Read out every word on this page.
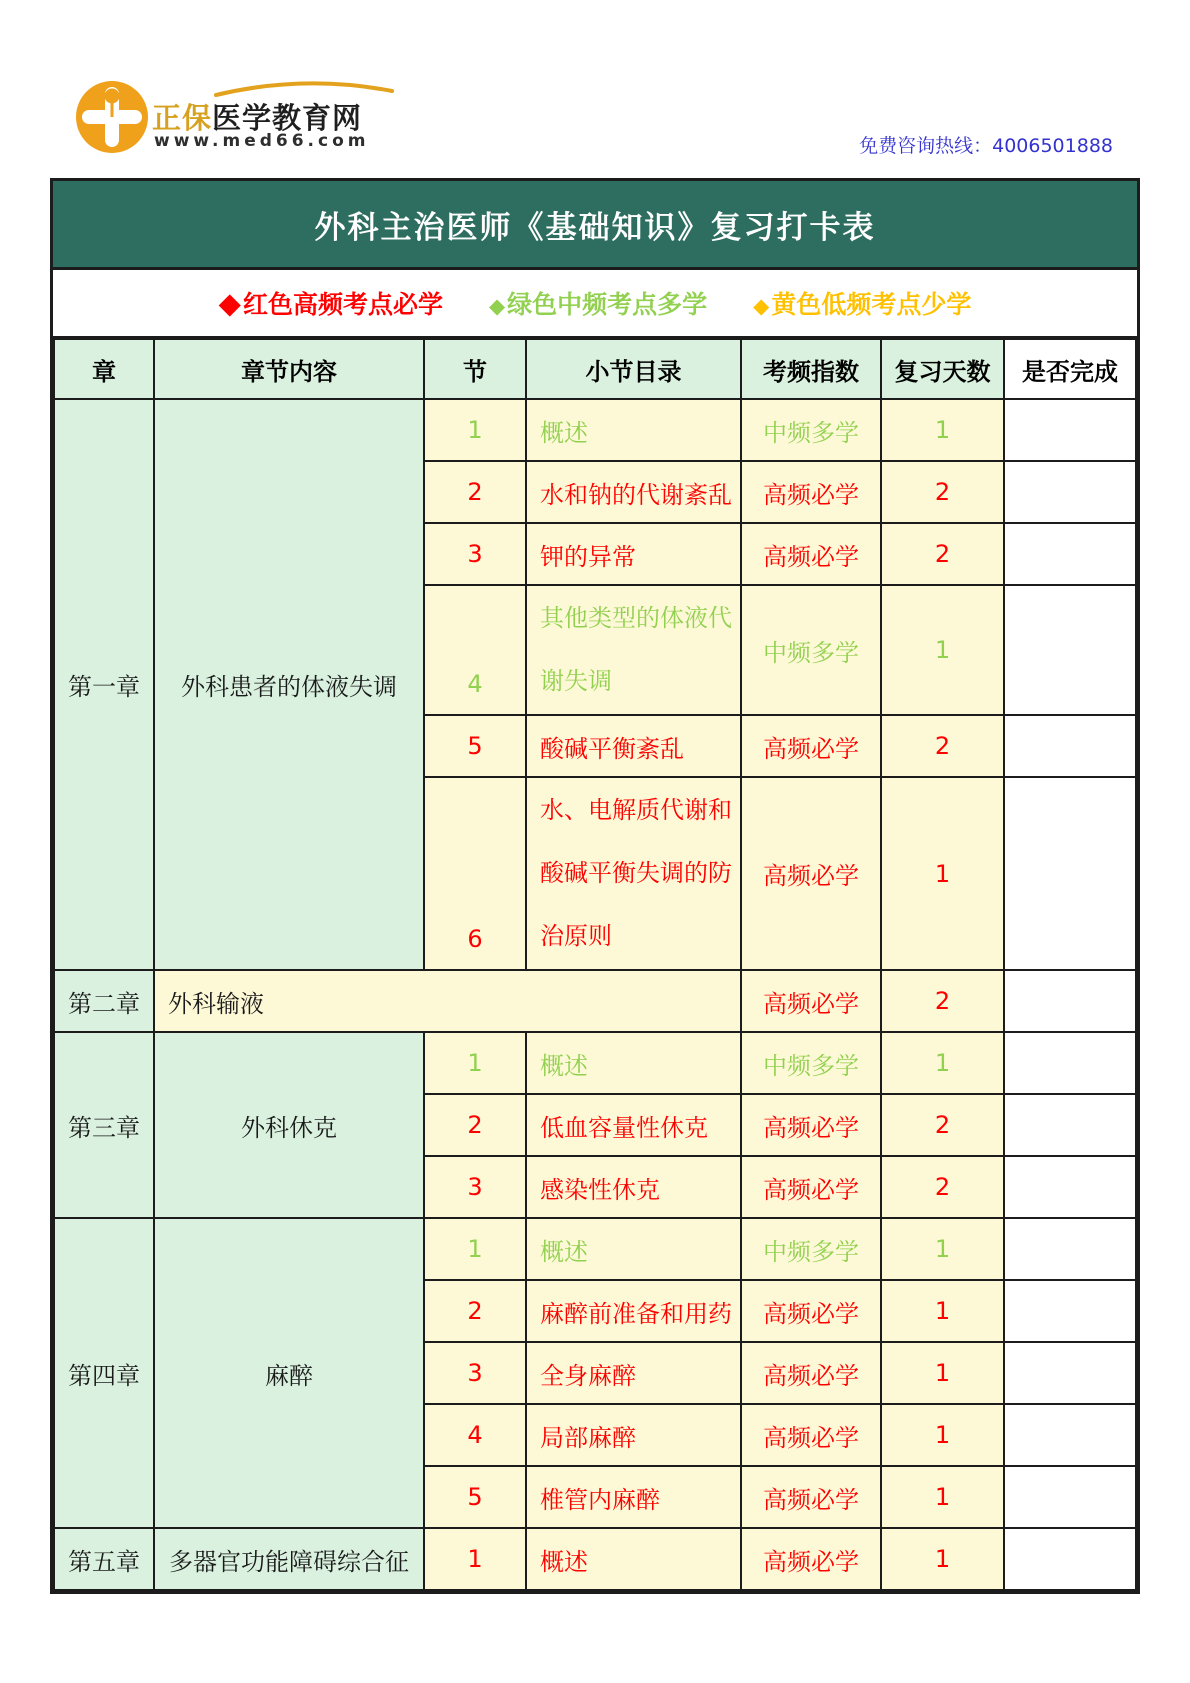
正保医学教育网
www.med66.com	免费咨询热线：4006501888
外科主治医师《基础知识》复习打卡表
◆红色高频考点必学 ◆绿色中频考点多学 ◆黄色低频考点少学
章	章节内容	节	小节目录	考频指数	复习天数	是否完成
第一章	外科患者的体液失调	1	概述	中频多学	1	
		2	水和钠的代谢紊乱	高频必学	2	
		3	钾的异常	高频必学	2	
		4	其他类型的体液代
谢失调	中频多学	1	
		5	酸碱平衡紊乱	高频必学	2	
		6	水、电解质代谢和
酸碱平衡失调的防
治原则	高频必学	1	
第二章	外科输液			高频必学	2	
第三章	外科休克	1	概述	中频多学	1	
		2	低血容量性休克	高频必学	2	
		3	感染性休克	高频必学	2	
第四章	麻醉	1	概述	中频多学	1	
		2	麻醉前准备和用药	高频必学	1	
		3	全身麻醉	高频必学	1	
		4	局部麻醉	高频必学	1	
		5	椎管内麻醉	高频必学	1	
第五章	多器官功能障碍综合征	1	概述	高频必学	1	
